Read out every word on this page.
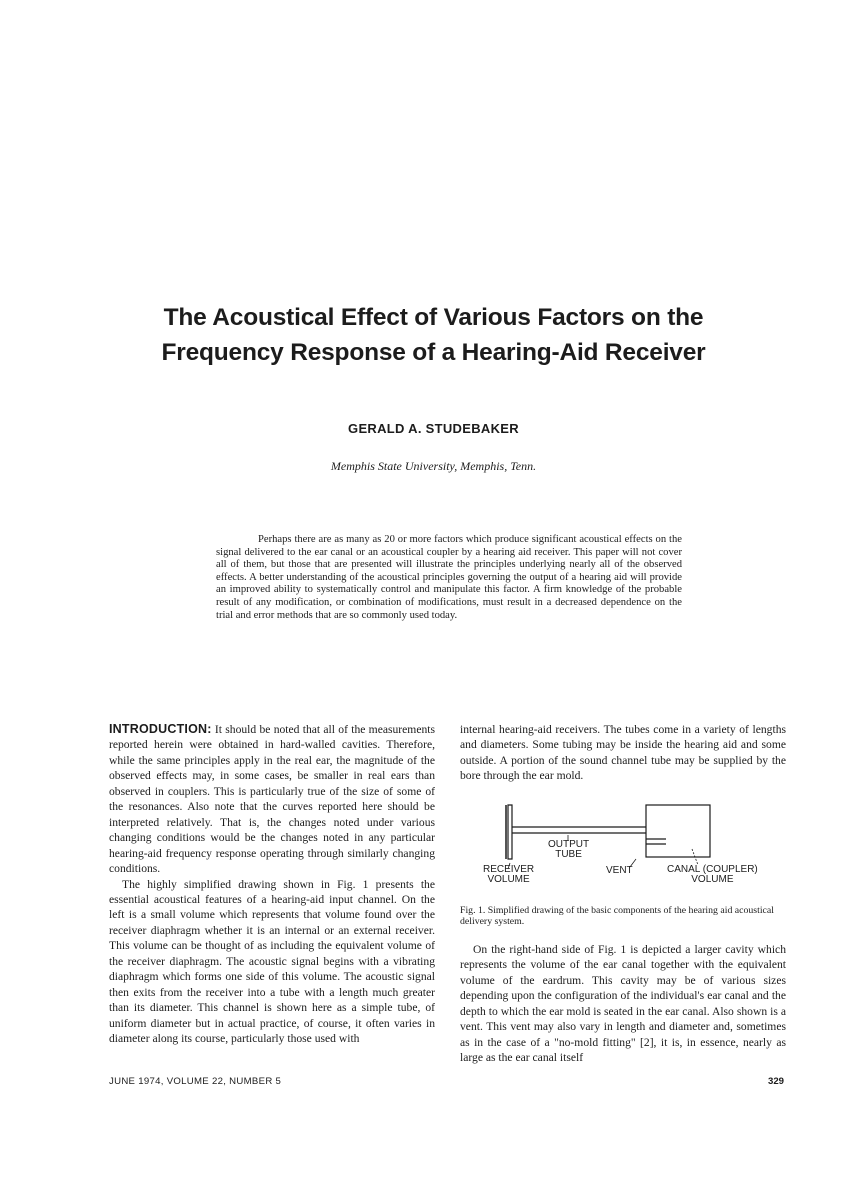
The Acoustical Effect of Various Factors on the
Frequency Response of a Hearing-Aid Receiver
GERALD A. STUDEBAKER
Memphis State University, Memphis, Tenn.

Perhaps there are as many as 20 or more factors which produce significant acoustical effects on the signal delivered to the ear canal or an acoustical coupler by a hearing aid receiver. This paper will not cover all of them, but those that are presented will illustrate the principles underlying nearly all of the observed effects. A better understanding of the acoustical principles governing the output of a hearing aid will provide an improved ability to systematically control and manipulate this factor. A firm knowledge of the probable result of any modification, or combination of modifications, must result in a decreased dependence on the trial and error methods that are so commonly used today.

INTRODUCTION: It should be noted that all of the measurements reported herein were obtained in hard-walled cavities. Therefore, while the same principles apply in the real ear, the magnitude of the observed effects may, in some cases, be smaller in real ears than observed in couplers. This is particularly true of the size of some of the resonances. Also note that the curves reported here should be interpreted relatively. That is, the changes noted under various changing conditions would be the changes noted in any particular hearing-aid frequency response operating through similarly changing conditions.

The highly simplified drawing shown in Fig. 1 presents the essential acoustical features of a hearing-aid input channel. On the left is a small volume which represents that volume found over the receiver diaphragm whether it is an internal or an external receiver. This volume can be thought of as including the equivalent volume of the receiver diaphragm. The acoustic signal begins with a vibrating diaphragm which forms one side of this volume. The acoustic signal then exits from the receiver into a tube with a length much greater than its diameter. This channel is shown here as a simple tube, of uniform diameter but in actual practice, of course, it often varies in diameter along its course, particularly those used with

internal hearing-aid receivers. The tubes come in a variety of lengths and diameters. Some tubing may be inside the hearing aid and some outside. A portion of the sound channel tube may be supplied by the bore through the ear mold.

OUTPUT
TUBE
RECEIVER
VOLUME
VENT	CANAL (COUPLER)
VOLUME

Fig. 1. Simplified drawing of the basic components of the hearing aid acoustical delivery system.

On the right-hand side of Fig. 1 is depicted a larger cavity which represents the volume of the ear canal together with the equivalent volume of the eardrum. This cavity may be of various sizes depending upon the configuration of the individual's ear canal and the depth to which the ear mold is seated in the ear canal. Also shown is a vent. This vent may also vary in length and diameter and, sometimes as in the case of a "no-mold fitting" [2], it is, in essence, nearly as large as the ear canal itself

JUNE 1974, VOLUME 22, NUMBER 5	329
